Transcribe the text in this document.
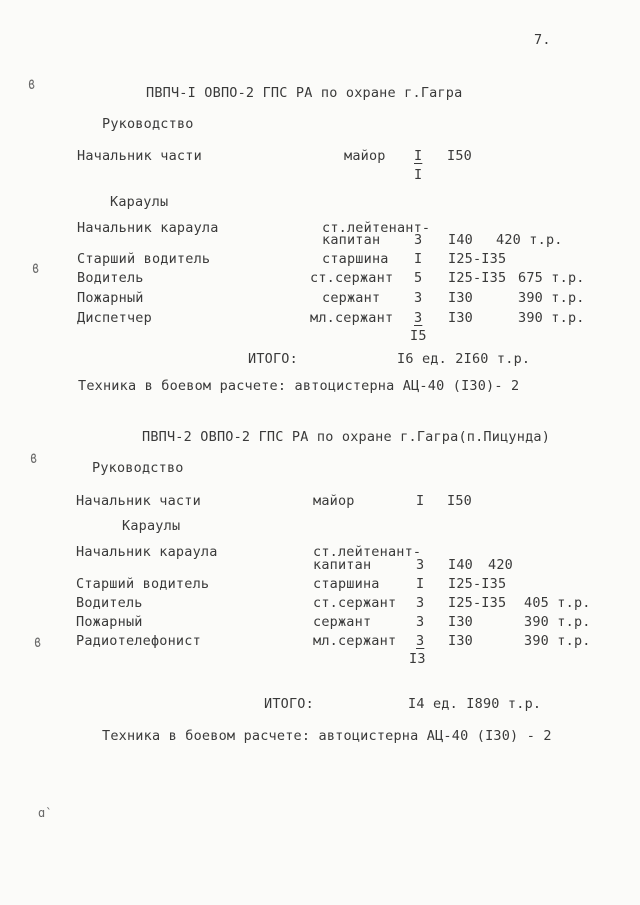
7.
ϐ
ϐ
ϐ
ϐ
ПВПЧ-I ОВПО-2 ГПС РА по охране г.Гагра
Руководство
Начальник части	майор I I50
I
Караулы
Начальник караула	ст.лейтенант-
капитан 3 I40 420 т.р.
Старший водитель	старшина I I25-I35
Водитель	ст.сержант 5 I25-I35 675 т.р.
Пожарный	сержант 3 I30	390 т.р.
Диспетчер	мл.сержант 3 I30	390 т.р.
I5
ИТОГО:	I6 ед. 2I60 т.р.
Техника в боевом расчете: автоцистерна АЦ-40 (I30)- 2
ПВПЧ-2 ОВПО-2 ГПС РА по охране г.Гагра(п.Пицунда)
Руководство
Начальник части	майор	I I50
Караулы
Начальник караула	ст.лейтенант-
капитан	3 I40 420
Старший водитель	старшина	I I25-I35
Водитель	ст.сержант 3 I25-I35 405 т.р.
Пожарный	сержант	3 I30	390 т.р.
Радиотелефонист	мл.сержант 3 I30	390 т.р.
I3
ИТОГО:	I4 ед. I890 т.р.
Техника в боевом расчете: автоцистерна АЦ-40 (I30) - 2
ɑ`
